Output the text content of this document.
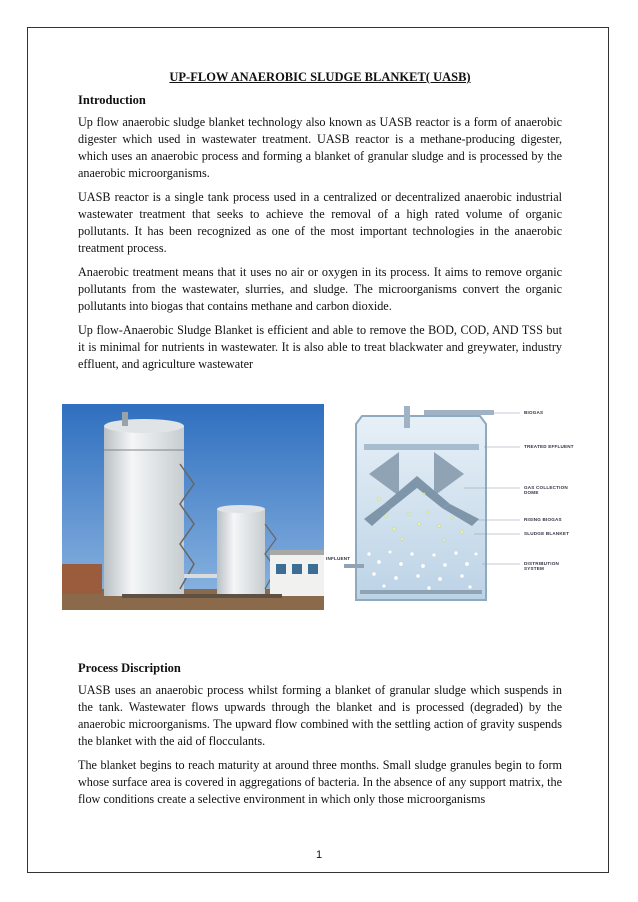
UP-FLOW ANAEROBIC SLUDGE BLANKET( UASB)
Introduction

Up flow anaerobic sludge blanket technology also known as UASB reactor is a form of anaerobic digester which used in wastewater treatment. UASB reactor is a methane-producing digester, which uses an anaerobic process and forming a blanket of granular sludge and is processed by the anaerobic microorganisms.

UASB reactor is a single tank process used in a centralized or decentralized anaerobic industrial wastewater treatment that seeks to achieve the removal of a high rated volume of organic pollutants. It has been recognized as one of the most important technologies in the anaerobic treatment process.

Anaerobic treatment means that it uses no air or oxygen in its process. It aims to remove organic pollutants from the wastewater, slurries, and sludge. The microorganisms convert the organic pollutants into biogas that contains methane and carbon dioxide.

Up flow-Anaerobic Sludge Blanket is efficient and able to remove the BOD, COD, AND TSS but it is minimal for nutrients in wastewater. It is also able to treat blackwater and greywater, industry effluent, and agriculture wastewater

BIOGAS
TREATED EFFLUENT
GAS COLLECTION DOME
RISING BIOGAS
SLUDGE BLANKET
DISTRIBUTION SYSTEM
INFLUENT
Process Discription

UASB uses an anaerobic process whilst forming a blanket of granular sludge which suspends in the tank. Wastewater flows upwards through the blanket and is processed (degraded) by the anaerobic microorganisms. The upward flow combined with the settling action of gravity suspends the blanket with the aid of flocculants.

The blanket begins to reach maturity at around three months. Small sludge granules begin to form whose surface area is covered in aggregations of bacteria. In the absence of any support matrix, the flow conditions create a selective environment in which only those microorganisms

1
